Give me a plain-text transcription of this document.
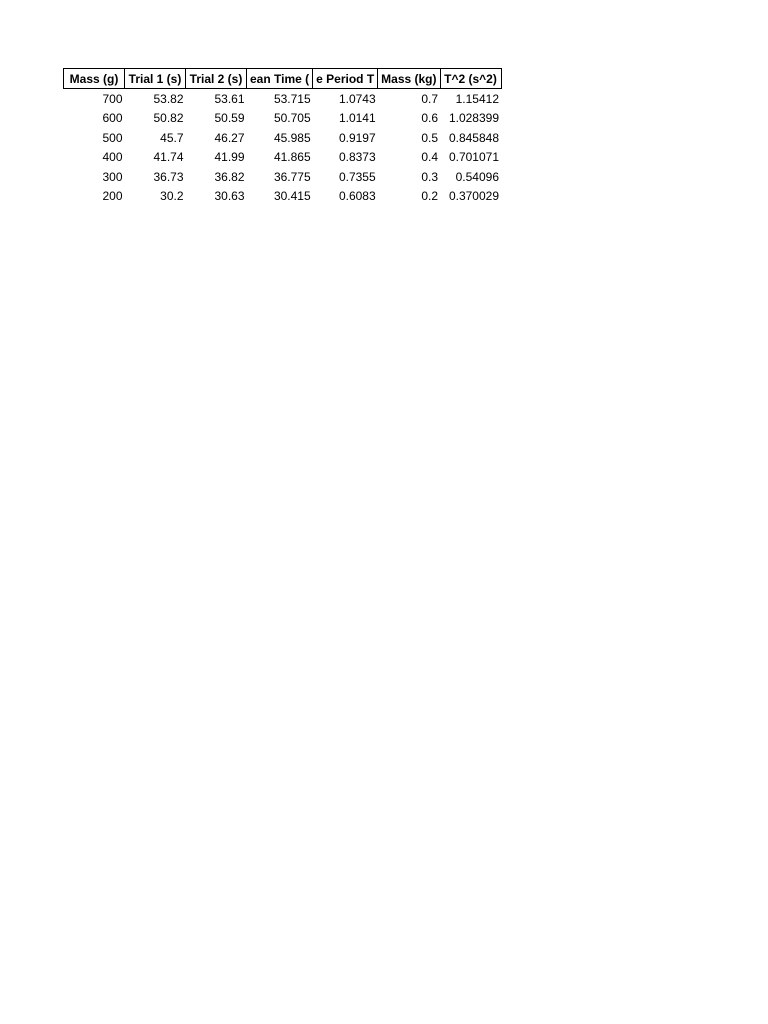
Mass (g)	Trial 1 (s)	Trial 2 (s)	ean Time (	e Period T	Mass (kg)	T^2 (s^2)
700	53.82	53.61	53.715	1.0743	0.7	1.15412
600	50.82	50.59	50.705	1.0141	0.6	1.028399
500	45.7	46.27	45.985	0.9197	0.5	0.845848
400	41.74	41.99	41.865	0.8373	0.4	0.701071
300	36.73	36.82	36.775	0.7355	0.3	0.54096
200	30.2	30.63	30.415	0.6083	0.2	0.370029
